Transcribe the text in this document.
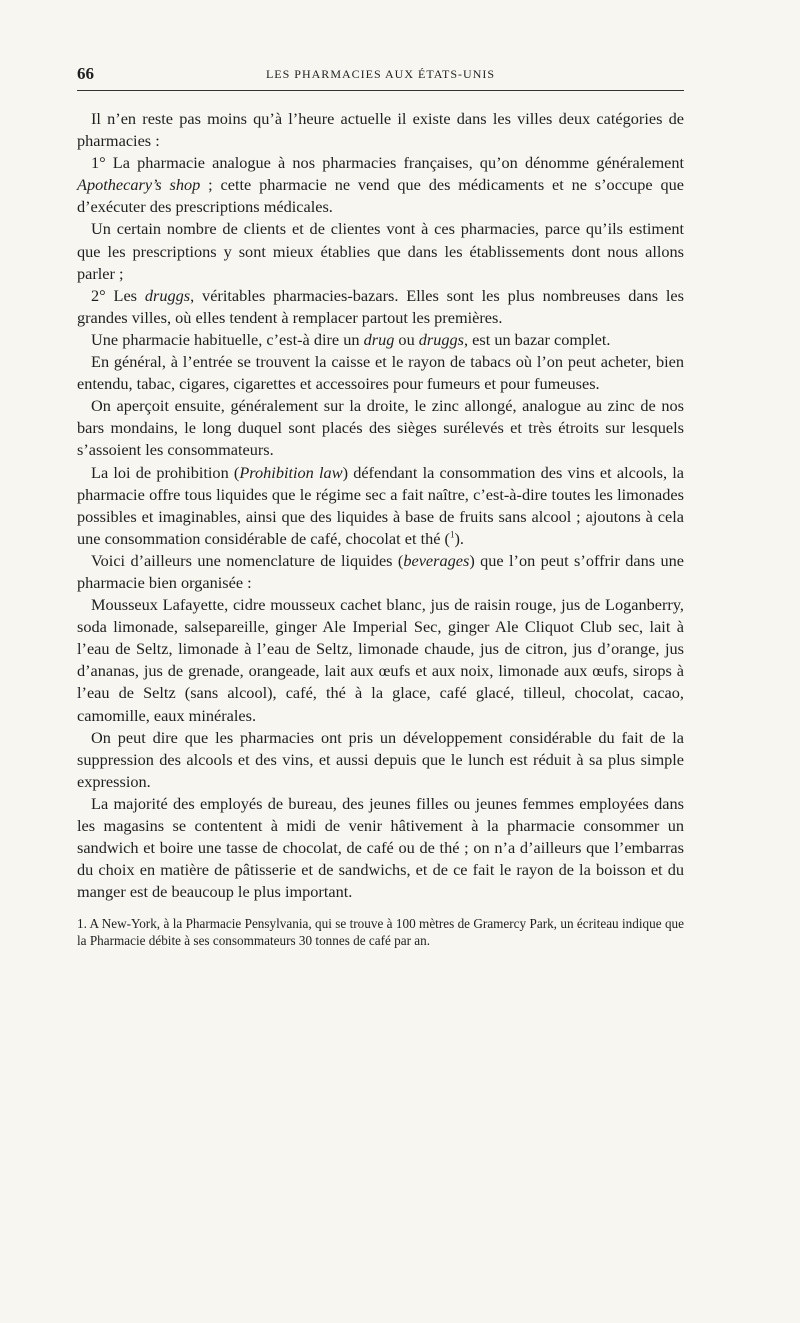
66	LES PHARMACIES AUX ÉTATS-UNIS

Il n’en reste pas moins qu’à l’heure actuelle il existe dans les villes deux catégories de pharmacies :

1° La pharmacie analogue à nos pharmacies françaises, qu’on dénomme généralement Apothecary’s shop ; cette pharmacie ne vend que des médicaments et ne s’occupe que d’exécuter des prescriptions médicales.

Un certain nombre de clients et de clientes vont à ces pharmacies, parce qu’ils estiment que les prescriptions y sont mieux établies que dans les établissements dont nous allons parler ;

2° Les druggs, véritables pharmacies-bazars. Elles sont les plus nombreuses dans les grandes villes, où elles tendent à remplacer partout les premières.

Une pharmacie habituelle, c’est-à dire un drug ou druggs, est un bazar complet.

En général, à l’entrée se trouvent la caisse et le rayon de tabacs où l’on peut acheter, bien entendu, tabac, cigares, cigarettes et accessoires pour fumeurs et pour fumeuses.

On aperçoit ensuite, généralement sur la droite, le zinc allongé, analogue au zinc de nos bars mondains, le long duquel sont placés des sièges surélevés et très étroits sur lesquels s’assoient les consommateurs.

La loi de prohibition (Prohibition law) défendant la consommation des vins et alcools, la pharmacie offre tous liquides que le régime sec a fait naître, c’est-à-dire toutes les limonades possibles et imaginables, ainsi que des liquides à base de fruits sans alcool ; ajoutons à cela une consommation considérable de café, chocolat et thé ($^1$).

Voici d’ailleurs une nomenclature de liquides (beverages) que l’on peut s’offrir dans une pharmacie bien organisée :

Mousseux Lafayette, cidre mousseux cachet blanc, jus de raisin rouge, jus de Loganberry, soda limonade, salsepareille, ginger Ale Imperial Sec, ginger Ale Cliquot Club sec, lait à l’eau de Seltz, limonade à l’eau de Seltz, limonade chaude, jus de citron, jus d’orange, jus d’ananas, jus de grenade, orangeade, lait aux œufs et aux noix, limonade aux œufs, sirops à l’eau de Seltz (sans alcool), café, thé à la glace, café glacé, tilleul, chocolat, cacao, camomille, eaux minérales.

On peut dire que les pharmacies ont pris un développement considérable du fait de la suppression des alcools et des vins, et aussi depuis que le lunch est réduit à sa plus simple expression.

La majorité des employés de bureau, des jeunes filles ou jeunes femmes employées dans les magasins se contentent à midi de venir hâtivement à la pharmacie consommer un sandwich et boire une tasse de chocolat, de café ou de thé ; on n’a d’ailleurs que l’embarras du choix en matière de pâtisserie et de sandwichs, et de ce fait le rayon de la boisson et du manger est de beaucoup le plus important.

1. A New-York, à la Pharmacie Pensylvania, qui se trouve à 100 mètres de Gramercy Park, un écriteau indique que la Pharmacie débite à ses consommateurs 30 tonnes de café par an.
